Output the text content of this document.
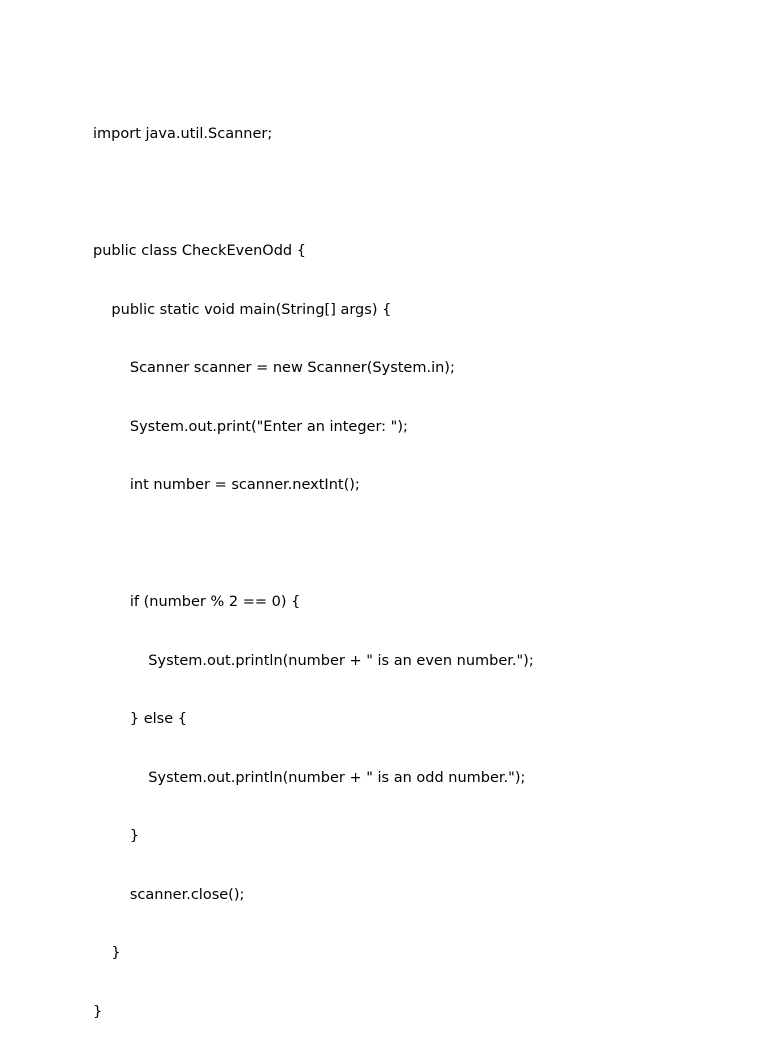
import java.util.Scanner;

public class CheckEvenOdd {

public static void main(String[] args) {

Scanner scanner = new Scanner(System.in);

System.out.print("Enter an integer: ");

int number = scanner.nextInt();

if (number % 2 == 0) {

System.out.println(number + " is an even number.");

} else {

System.out.println(number + " is an odd number.");

}

scanner.close();

}

}
